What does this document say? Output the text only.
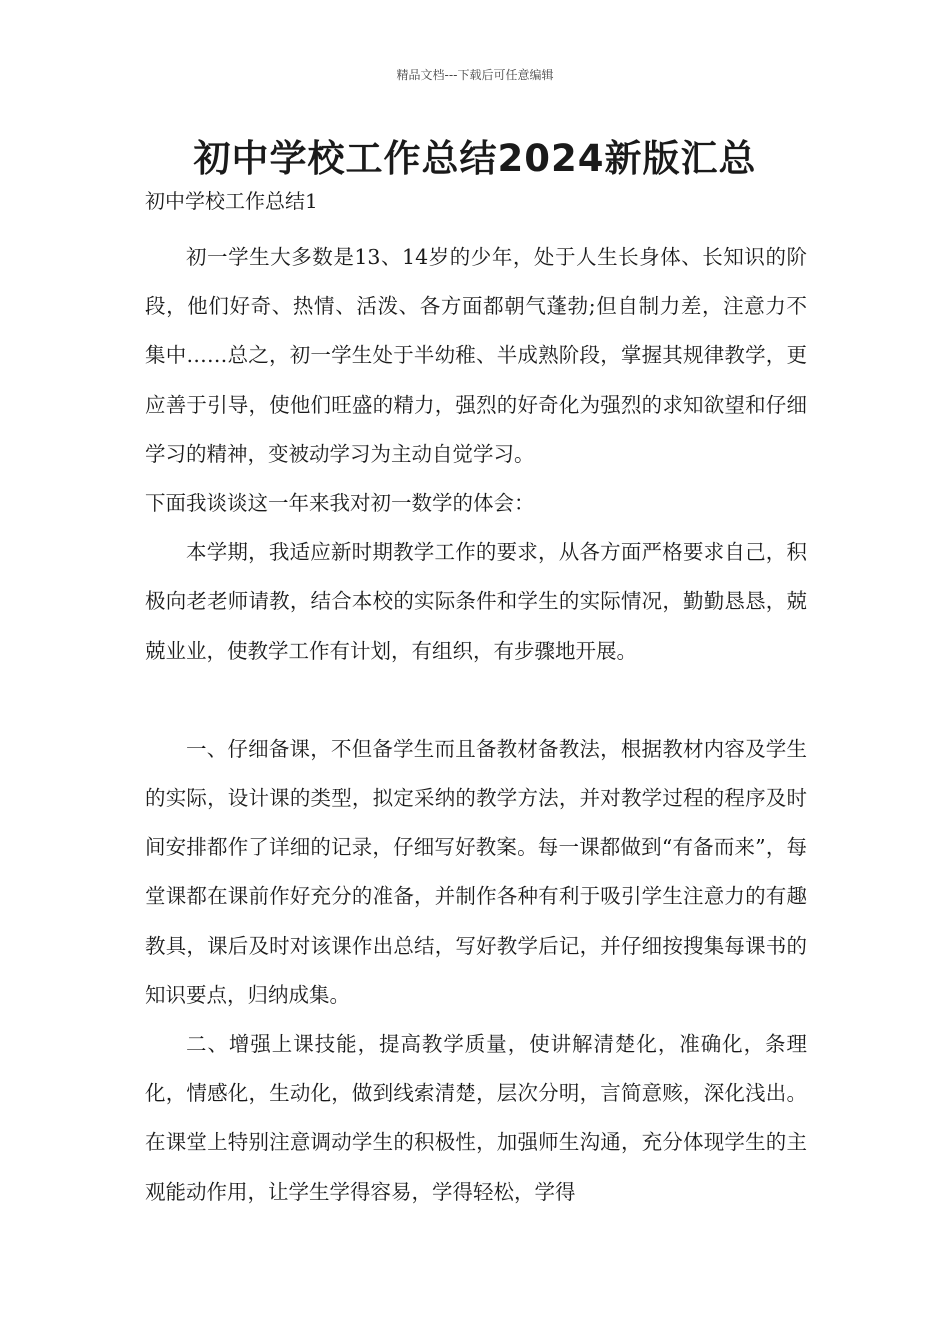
精品文档---下载后可任意编辑
初中学校工作总结2024新版汇总
初中学校工作总结1

初一学生大多数是13、14岁的少年，处于人生长身体、长知识的阶段，他们好奇、热情、活泼、各方面都朝气蓬勃;但自制力差，注意力不集中……总之，初一学生处于半幼稚、半成熟阶段，掌握其规律教学，更应善于引导，使他们旺盛的精力，强烈的好奇化为强烈的求知欲望和仔细学习的精神，变被动学习为主动自觉学习。

下面我谈谈这一年来我对初一数学的体会：

本学期，我适应新时期教学工作的要求，从各方面严格要求自己，积极向老老师请教，结合本校的实际条件和学生的实际情况，勤勤恳恳，兢兢业业，使教学工作有计划，有组织，有步骤地开展。

一、仔细备课，不但备学生而且备教材备教法，根据教材内容及学生的实际，设计课的类型，拟定采纳的教学方法，并对教学过程的程序及时间安排都作了详细的记录，仔细写好教案。每一课都做到“有备而来”，每堂课都在课前作好充分的准备，并制作各种有利于吸引学生注意力的有趣教具，课后及时对该课作出总结，写好教学后记，并仔细按搜集每课书的知识要点，归纳成集。

二、增强上课技能，提高教学质量，使讲解清楚化，准确化，条理化，情感化，生动化，做到线索清楚，层次分明，言简意赅，深化浅出。在课堂上特别注意调动学生的积极性，加强师生沟通，充分体现学生的主观能动作用，让学生学得容易，学得轻松，学得
